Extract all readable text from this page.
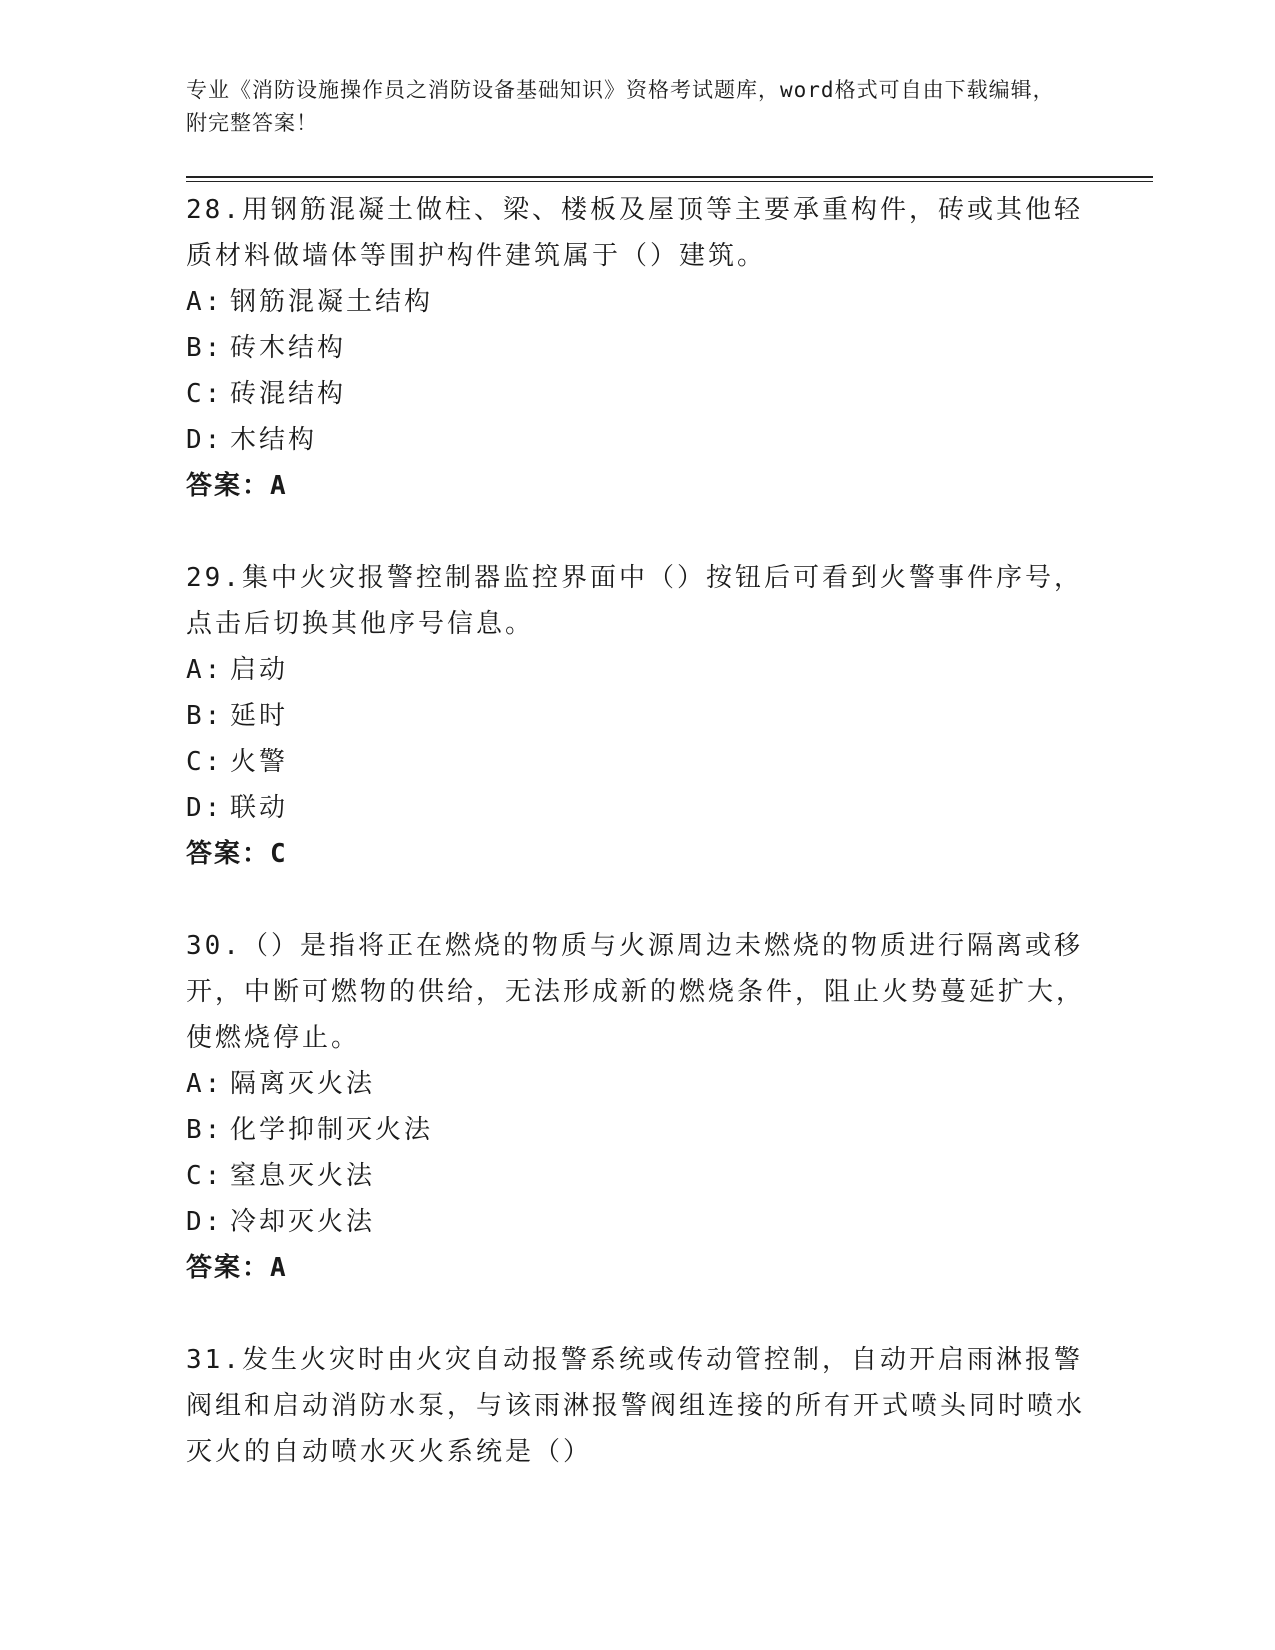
专业《消防设施操作员之消防设备基础知识》资格考试题库，word格式可自由下载编辑，附完整答案！

28.用钢筋混凝土做柱、梁、楼板及屋顶等主要承重构件，砖或其他轻质材料做墙体等围护构件建筑属于（）建筑。

A: 钢筋混凝土结构

B: 砖木结构

C: 砖混结构

D: 木结构

答案：A

29.集中火灾报警控制器监控界面中（）按钮后可看到火警事件序号，点击后切换其他序号信息。

A: 启动

B: 延时

C: 火警

D: 联动

答案：C

30.（）是指将正在燃烧的物质与火源周边未燃烧的物质进行隔离或移开，中断可燃物的供给，无法形成新的燃烧条件，阻止火势蔓延扩大，使燃烧停止。

A: 隔离灭火法

B: 化学抑制灭火法

C: 窒息灭火法

D: 冷却灭火法

答案：A

31.发生火灾时由火灾自动报警系统或传动管控制，自动开启雨淋报警阀组和启动消防水泵，与该雨淋报警阀组连接的所有开式喷头同时喷水灭火的自动喷水灭火系统是（）
